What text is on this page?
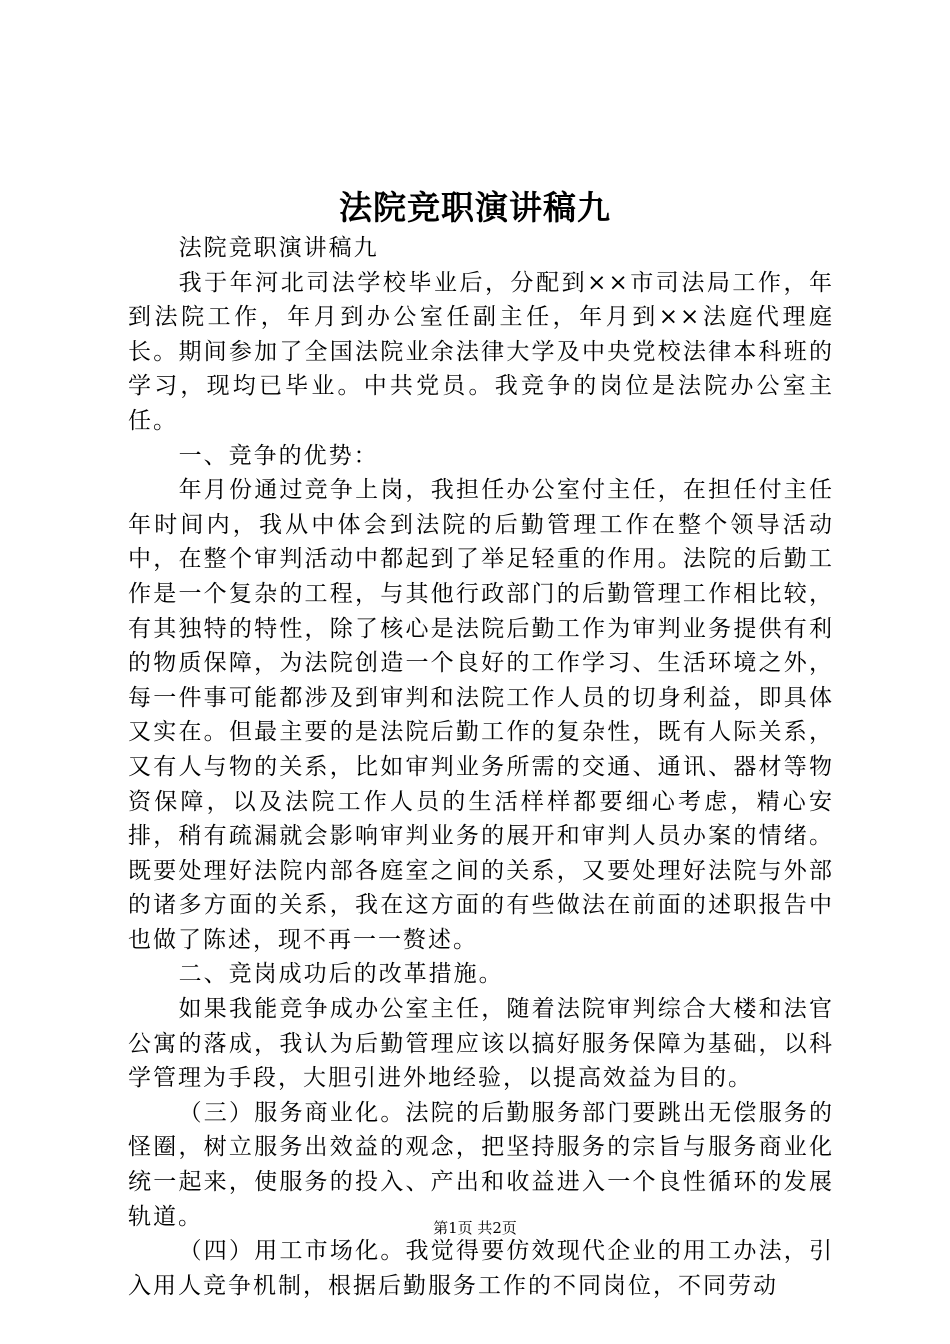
法院竞职演讲稿九

法院竞职演讲稿九

我于年河北司法学校毕业后，分配到××市司法局工作，年到法院工作，年月到办公室任副主任，年月到××法庭代理庭长。期间参加了全国法院业余法律大学及中央党校法律本科班的学习，现均已毕业。中共党员。我竞争的岗位是法院办公室主任。

一、竞争的优势：

年月份通过竞争上岗，我担任办公室付主任，在担任付主任年时间内，我从中体会到法院的后勤管理工作在整个领导活动中，在整个审判活动中都起到了举足轻重的作用。法院的后勤工作是一个复杂的工程，与其他行政部门的后勤管理工作相比较，有其独特的特性，除了核心是法院后勤工作为审判业务提供有利的物质保障，为法院创造一个良好的工作学习、生活环境之外，每一件事可能都涉及到审判和法院工作人员的切身利益，即具体又实在。但最主要的是法院后勤工作的复杂性，既有人际关系，又有人与物的关系，比如审判业务所需的交通、通讯、器材等物资保障，以及法院工作人员的生活样样都要细心考虑，精心安排，稍有疏漏就会影响审判业务的展开和审判人员办案的情绪。既要处理好法院内部各庭室之间的关系，又要处理好法院与外部的诸多方面的关系，我在这方面的有些做法在前面的述职报告中也做了陈述，现不再一一赘述。

二、竞岗成功后的改革措施。

如果我能竞争成办公室主任，随着法院审判综合大楼和法官公寓的落成，我认为后勤管理应该以搞好服务保障为基础，以科学管理为手段，大胆引进外地经验，以提高效益为目的。

（三）服务商业化。法院的后勤服务部门要跳出无偿服务的怪圈，树立服务出效益的观念，把坚持服务的宗旨与服务商业化统一起来，使服务的投入、产出和收益进入一个良性循环的发展轨道。

（四）用工市场化。我觉得要仿效现代企业的用工办法，引入用人竞争机制，根据后勤服务工作的不同岗位，不同劳动

第1页 共2页
